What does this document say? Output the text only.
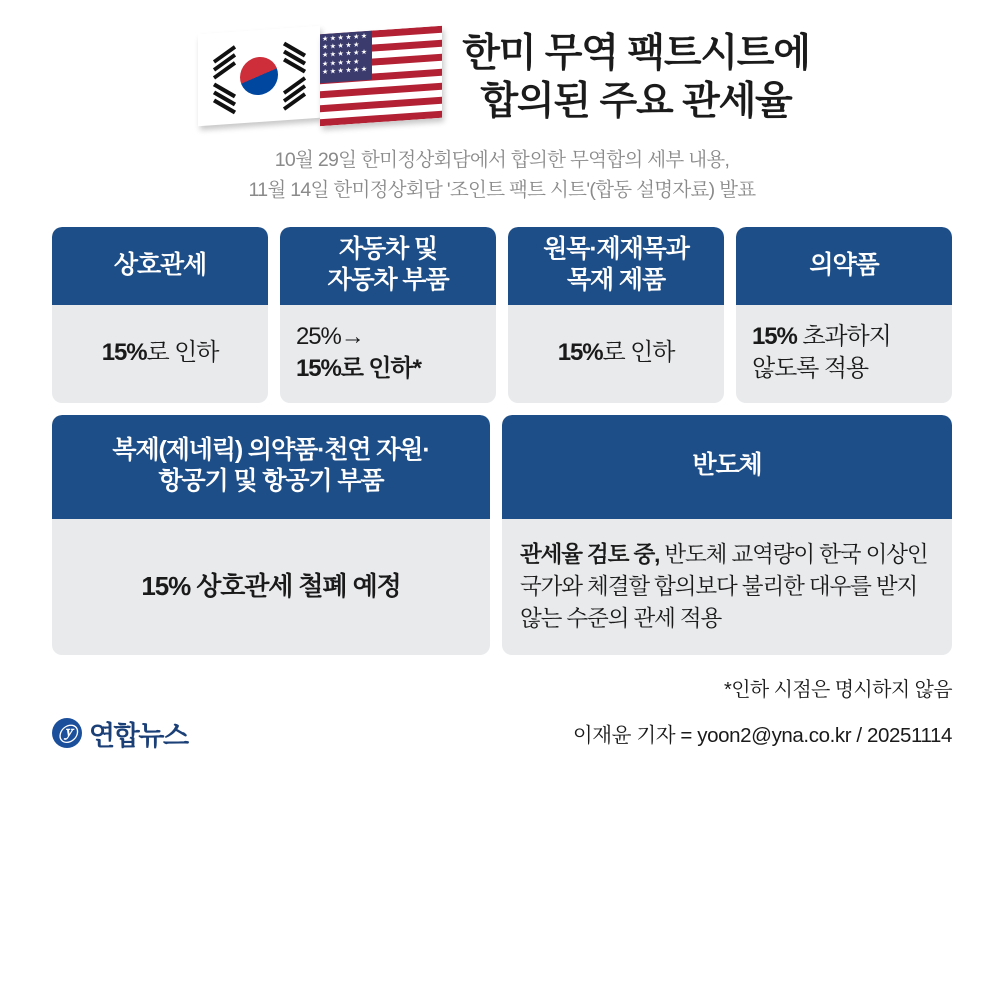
★★★★★★ ★★★★★ ★★★★★★ ★★★★★ ★★★★★★ 한미 무역 팩트시트에
합의된 주요 관세율
10월 29일 한미정상회담에서 합의한 무역합의 세부 내용,
11월 14일 한미정상회담 '조인트 팩트 시트'(합동 설명자료) 발표
상호관세
15%로 인하
자동차 및
자동차 부품
25%→
15%로 인하*
원목·제재목과
목재 제품
15%로 인하
의약품
15% 초과하지
않도록 적용
복제(제네릭) 의약품·천연 자원·
항공기 및 항공기 부품
15% 상호관세 철폐 예정
반도체
관세율 검토 중, 반도체 교역량이 한국 이상인 국가와 체결할 합의보다 불리한 대우를 받지 않는 수준의 관세 적용
*인하 시점은 명시하지 않음
ⓨ 연합뉴스	이재윤 기자 = yoon2@yna.co.kr / 20251114
